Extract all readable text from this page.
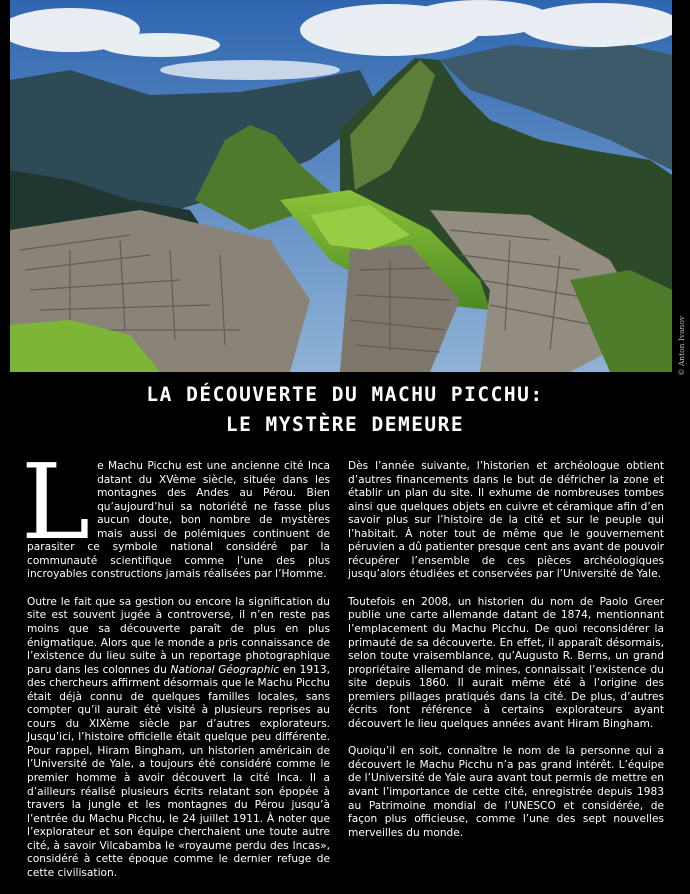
© Anton Ivanov
LA DÉCOUVERTE DU MACHU PICCHU:
LE MYSTÈRE DEMEURE

Le Machu Picchu est une ancienne cité Inca datant du XVème siècle, située dans les montagnes des Andes au Pérou. Bien qu’aujourd’hui sa notoriété ne fasse plus aucun doute, bon nombre de mystères mais aussi de polémiques continuent de parasiter ce symbole national considéré par la communauté scientifique comme l’une des plus incroyables constructions jamais réalisées par l’Homme.

Outre le fait que sa gestion ou encore la signification du site est souvent jugée à controverse, il n’en reste pas moins que sa découverte paraît de plus en plus énigmatique. Alors que le monde a pris connaissance de l’existence du lieu suite à un reportage photographique paru dans les colonnes du National Géographic en 1913, des chercheurs affirment désormais que le Machu Picchu était déjà connu de quelques familles locales, sans compter qu’il aurait été visité à plusieurs reprises au cours du XIXème siècle par d’autres explorateurs. Jusqu’ici, l’histoire officielle était quelque peu différente. Pour rappel, Hiram Bingham, un historien américain de l’Université de Yale, a toujours été considéré comme le premier homme à avoir découvert la cité Inca. Il a d’ailleurs réalisé plusieurs écrits relatant son épopée à travers la jungle et les montagnes du Pérou jusqu’à l’entrée du Machu Picchu, le 24 juillet 1911. À noter que l’explorateur et son équipe cherchaient une toute autre cité, à savoir Vilcabamba le «royaume perdu des Incas», considéré à cette époque comme le dernier refuge de cette civilisation.

Dès l’année suivante, l’historien et archéologue obtient d’autres financements dans le but de défricher la zone et établir un plan du site. Il exhume de nombreuses tombes ainsi que quelques objets en cuivre et céramique afin d’en savoir plus sur l’histoire de la cité et sur le peuple qui l’habitait. À noter tout de même que le gouvernement péruvien a dû patienter presque cent ans avant de pouvoir récupérer l’ensemble de ces pièces archéologiques jusqu’alors étudiées et conservées par l’Université de Yale.

Toutefois en 2008, un historien du nom de Paolo Greer publie une carte allemande datant de 1874, mentionnant l’emplacement du Machu Picchu. De quoi reconsidérer la primauté de sa découverte. En effet, il apparaît désormais, selon toute vraisemblance, qu’Augusto R. Berns, un grand propriétaire allemand de mines, connaissait l’existence du site depuis 1860. Il aurait même été à l’origine des premiers pillages pratiqués dans la cité. De plus, d’autres écrits font référence à certains explorateurs ayant découvert le lieu quelques années avant Hiram Bingham.

Quoiqu’il en soit, connaître le nom de la personne qui a découvert le Machu Picchu n’a pas grand intérêt. L’équipe de l’Université de Yale aura avant tout permis de mettre en avant l’importance de cette cité, enregistrée depuis 1983 au Patrimoine mondial de l’UNESCO et considérée, de façon plus officieuse, comme l’une des sept nouvelles merveilles du monde.
